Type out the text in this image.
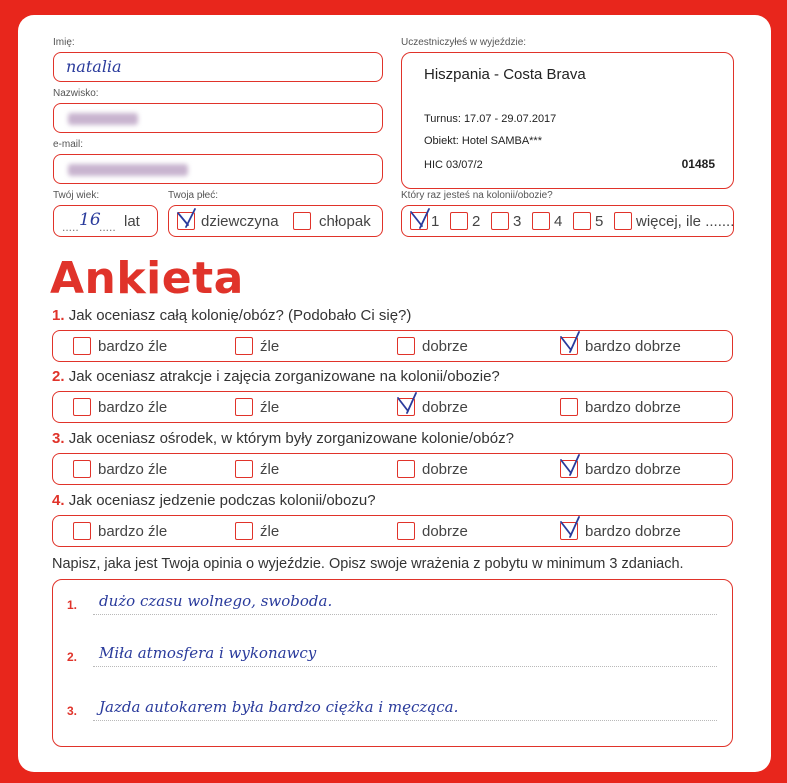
Imię:
natalia
Nazwisko:
e-mail:
Twój wiek:
..... 16
..... lat
Twoja płeć:
dziewczyna	chłopak
Uczestniczyłeś w wyjeździe:
Hiszpania - Costa Brava
Turnus: 17.07 - 29.07.2017
Obiekt: Hotel SAMBA***
HIC 03/07/2	01485
Który raz jesteś na kolonii/obozie?
1 2 3 4 5 więcej, ile .......
Ankieta
1. Jak oceniasz całą kolonię/obóz? (Podobało Ci się?)
bardzo źle	źle	dobrze	bardzo dobrze
2. Jak oceniasz atrakcje i zajęcia zorganizowane na kolonii/obozie?
bardzo źle	źle	dobrze	bardzo dobrze
3. Jak oceniasz ośrodek, w którym były zorganizowane kolonie/obóz?
bardzo źle	źle	dobrze	bardzo dobrze
4. Jak oceniasz jedzenie podczas kolonii/obozu?
bardzo źle	źle	dobrze	bardzo dobrze
Napisz, jaka jest Twoja opinia o wyjeździe. Opisz swoje wrażenia z pobytu w minimum 3 zdaniach.
1. dużo czasu wolnego, swoboda.
2. Miła atmosfera i wykonawcy
3. Jazda autokarem była bardzo ciężka i męcząca.
